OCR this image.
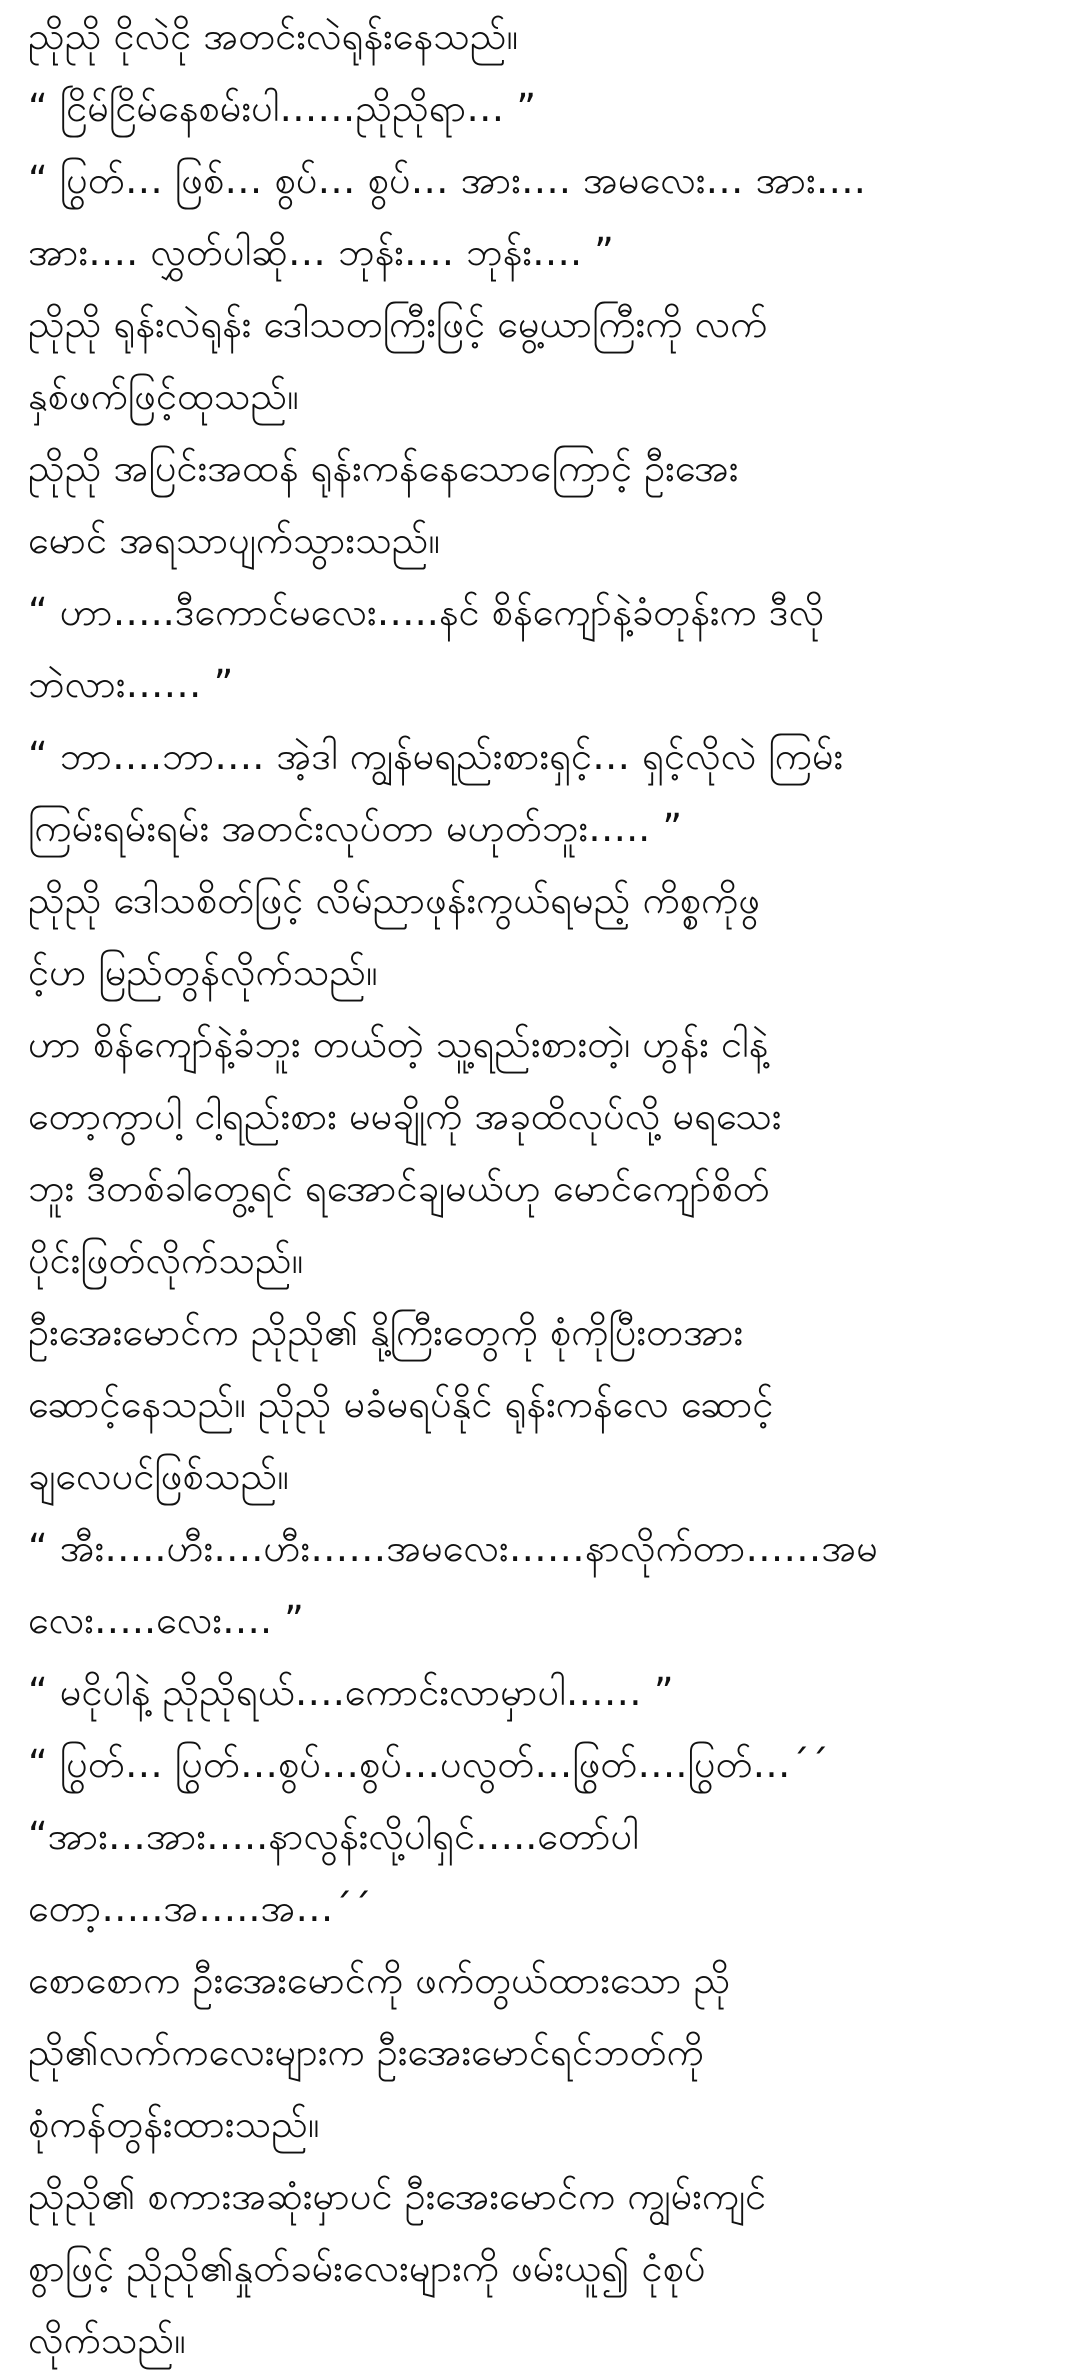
ညိုညို ငိုလဲငို အတင်းလဲရုန်းနေသည်။
“ ငြိမ်ငြိမ်နေစမ်းပါ……ညိုညိုရာ… ”
“ ပြွတ်… ဖြစ်… စွပ်… စွပ်… အား…. အမလေး… အား….
အား…. လွှတ်ပါဆို… ဘုန်း…. ဘုန်း…. ”
ညိုညို ရုန်းလဲရုန်း ဒေါသတကြီးဖြင့် မွေ့ယာကြီးကို လက်
နှစ်ဖက်ဖြင့်ထုသည်။
ညိုညို အပြင်းအထန် ရုန်းကန်နေသောကြောင့် ဦးအေး
မောင် အရသာပျက်သွားသည်။
“ ဟာ…..ဒီကောင်မလေး…..နင် စိန်ကျော်နဲ့ခံတုန်းက ဒီလို
ဘဲလား…… ”
“ ဘာ….ဘာ…. အဲ့ဒါ ကျွန်မရည်းစားရှင့်… ရှင့်လိုလဲ ကြမ်း
ကြမ်းရမ်းရမ်း အတင်းလုပ်တာ မဟုတ်ဘူး….. ”
ညိုညို ဒေါသစိတ်ဖြင့် လိမ်ညာဖုန်းကွယ်ရမည့် ကိစ္စကိုဖွ
င့်ဟ မြည်တွန်လိုက်သည်။
ဟာ စိန်ကျော်နဲ့ခံဘူး တယ်တဲ့ သူ့ရည်းစားတဲ့၊ ဟွန်း ငါနဲ့
တော့ကွာပါ့ ငါ့ရည်းစား မမချိုကို အခုထိလုပ်လို့ မရသေး
ဘူး ဒီတစ်ခါတွေ့ရင် ရအောင်ချမယ်ဟု မောင်ကျော်စိတ်
ပိုင်းဖြတ်လိုက်သည်။
ဦးအေးမောင်က ညိုညို၏ နို့ကြီးတွေကို စုံကိုပြီးတအား
ဆောင့်နေသည်။ ညိုညို မခံမရပ်နိုင် ရုန်းကန်လေ ဆောင့်
ချလေပင်ဖြစ်သည်။
“ အီး…..ဟီး….ဟီး……အမလေး……နာလိုက်တာ……အမ
လေး…..လေး…. ”
“ မငိုပါနဲ့ ညိုညိုရယ်….ကောင်းလာမှာပါ…… ”
“ ပြွတ်… ပြွတ်…စွပ်…စွပ်…ပလွတ်…ဖြွတ်….ပြွတ်…´´
“အား…အား…..နာလွန်းလို့ပါရှင်…..တော်ပါ
တော့…..အ…..အ…´´
စောစောက ဦးအေးမောင်ကို ဖက်တွယ်ထားသော ညို
ညို၏လက်ကလေးများက ဦးအေးမောင်ရင်ဘတ်ကို
စုံကန်တွန်းထားသည်။
ညိုညို၏ စကားအဆုံးမှာပင် ဦးအေးမောင်က ကျွမ်းကျင်
စွာဖြင့် ညိုညို၏နှုတ်ခမ်းလေးများကို ဖမ်းယူ၍ ငုံစုပ်
လိုက်သည်။
